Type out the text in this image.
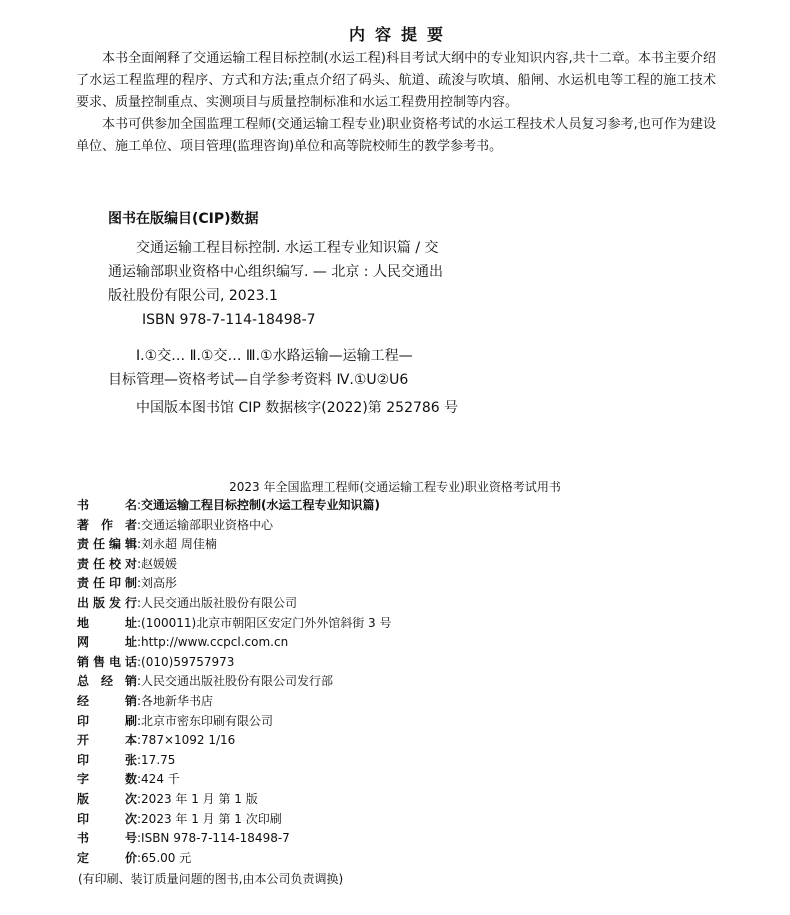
内容提要

本书全面阐释了交通运输工程目标控制(水运工程)科目考试大纲中的专业知识内容,共十二章。本书主要介绍了水运工程监理的程序、方式和方法;重点介绍了码头、航道、疏浚与吹填、船闸、水运机电等工程的施工技术要求、质量控制重点、实测项目与质量控制标准和水运工程费用控制等内容。

本书可供参加全国监理工程师(交通运输工程专业)职业资格考试的水运工程技术人员复习参考,也可作为建设单位、施工单位、项目管理(监理咨询)单位和高等院校师生的教学参考书。

图书在版编目(CIP)数据

交通运输工程目标控制. 水运工程专业知识篇 / 交

通运输部职业资格中心组织编写. — 北京 : 人民交通出

版社股份有限公司, 2023.1

ISBN 978-7-114-18498-7

Ⅰ.①交… Ⅱ.①交… Ⅲ.①水路运输—运输工程—

目标管理—资格考试—自学参考资料 Ⅳ.①U②U6

中国版本图书馆 CIP 数据核字(2022)第 252786 号
2023 年全国监理工程师(交通运输工程专业)职业资格考试用书
书	名 : 交通运输工程目标控制(水运工程专业知识篇)
著 作 者 : 交通运输部职业资格中心
责 任 编 辑 : 刘永超 周佳楠
责 任 校 对 : 赵媛媛
责 任 印 制 : 刘高彤
出 版 发 行 : 人民交通出版社股份有限公司
地	址 : (100011)北京市朝阳区安定门外外馆斜街 3 号
网	址 : http://www.ccpcl.com.cn
销 售 电 话 : (010)59757973
总 经 销 : 人民交通出版社股份有限公司发行部
经	销 : 各地新华书店
印	刷 : 北京市密东印刷有限公司
开	本 : 787×1092 1/16
印	张 : 17.75
字	数 : 424 千
版	次 : 2023 年 1 月 第 1 版
印	次 : 2023 年 1 月 第 1 次印刷
书	号 : ISBN 978-7-114-18498-7
定	价 : 65.00 元
(有印刷、装订质量问题的图书,由本公司负责调换)
